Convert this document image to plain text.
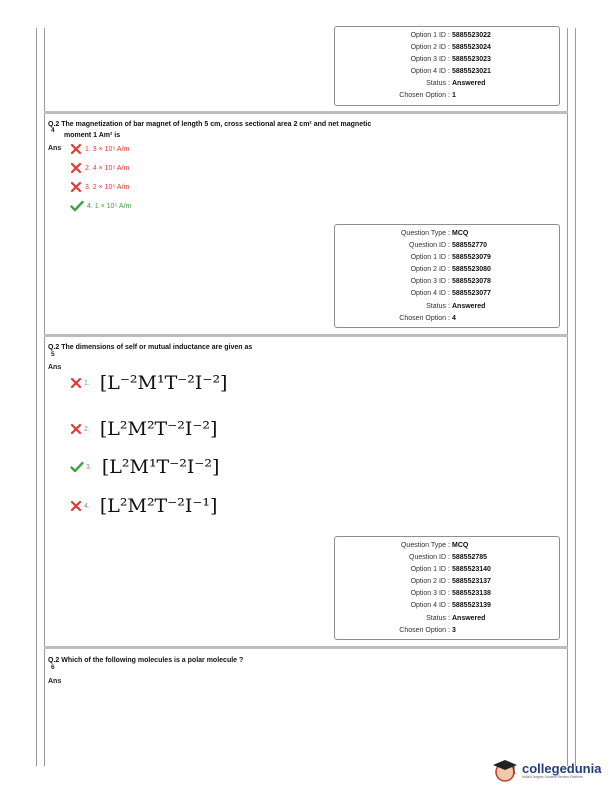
Option 1 ID : 5885523022
Option 2 ID : 5885523024
Option 3 ID : 5885523023
Option 4 ID : 5885523021
Status : Answered
Chosen Option : 1
Q.2 The magnetization of bar magnet of length 5 cm, cross sectional area 2 cm² and net magnetic
4
moment 1 Am² is
Ans	1. 3 × 10⁵ A/m
2. 4 × 10⁵ A/m
3. 2 × 10⁵ A/m
4. 1 × 10⁵ A/m
Question Type : MCQ
Question ID : 588552770
Option 1 ID : 5885523079
Option 2 ID : 5885523080
Option 3 ID : 5885523078
Option 4 ID : 5885523077
Status : Answered
Chosen Option : 4
Q.2 The dimensions of self or mutual inductance are given as
5
Ans
1. [L⁻²M¹T⁻²I⁻²]
2. [L²M²T⁻²I⁻²]
3. [L²M¹T⁻²I⁻²]
4. [L²M²T⁻²I⁻¹]
Question Type : MCQ
Question ID : 588552785
Option 1 ID : 5885523140
Option 2 ID : 5885523137
Option 3 ID : 5885523138
Option 4 ID : 5885523139
Status : Answered
Chosen Option : 3
Q.2 Which of the following molecules is a polar molecule ?
6
Ans
collegedunia
India's largest Student Review Platform
